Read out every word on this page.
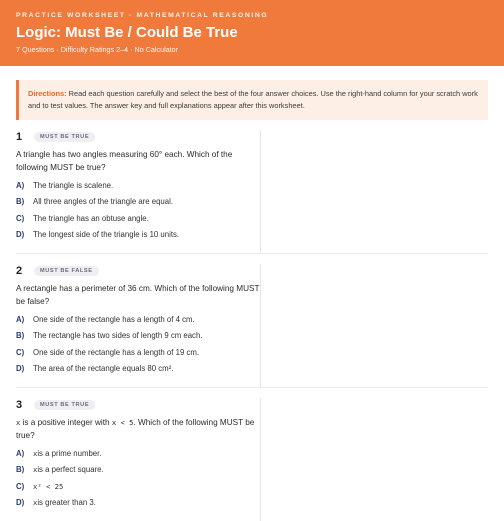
PRACTICE WORKSHEET · MATHEMATICAL REASONING
Logic: Must Be / Could Be True
7 Questions · Difficulty Ratings 2–4 · No Calculator
Directions: Read each question carefully and select the best of the four answer choices. Use the right-hand column for your scratch work and to test values. The answer key and full explanations appear after this worksheet.
1	MUST BE TRUE
A triangle has two angles measuring 60° each. Which of the following MUST be true?
A)	The triangle is scalene.
B)	All three angles of the triangle are equal.
C)	The triangle has an obtuse angle.
D)	The longest side of the triangle is 10 units.
2	MUST BE FALSE
A rectangle has a perimeter of 36 cm. Which of the following MUST be false?
A)	One side of the rectangle has a length of 4 cm.
B)	The rectangle has two sides of length 9 cm each.
C)	One side of the rectangle has a length of 19 cm.
D)	The area of the rectangle equals 80 cm².
3	MUST BE TRUE
x is a positive integer with x < 5. Which of the following MUST be true?
A)	x is a prime number.
B)	x is a perfect square.
C)	x² < 25
D)	x is greater than 3.
